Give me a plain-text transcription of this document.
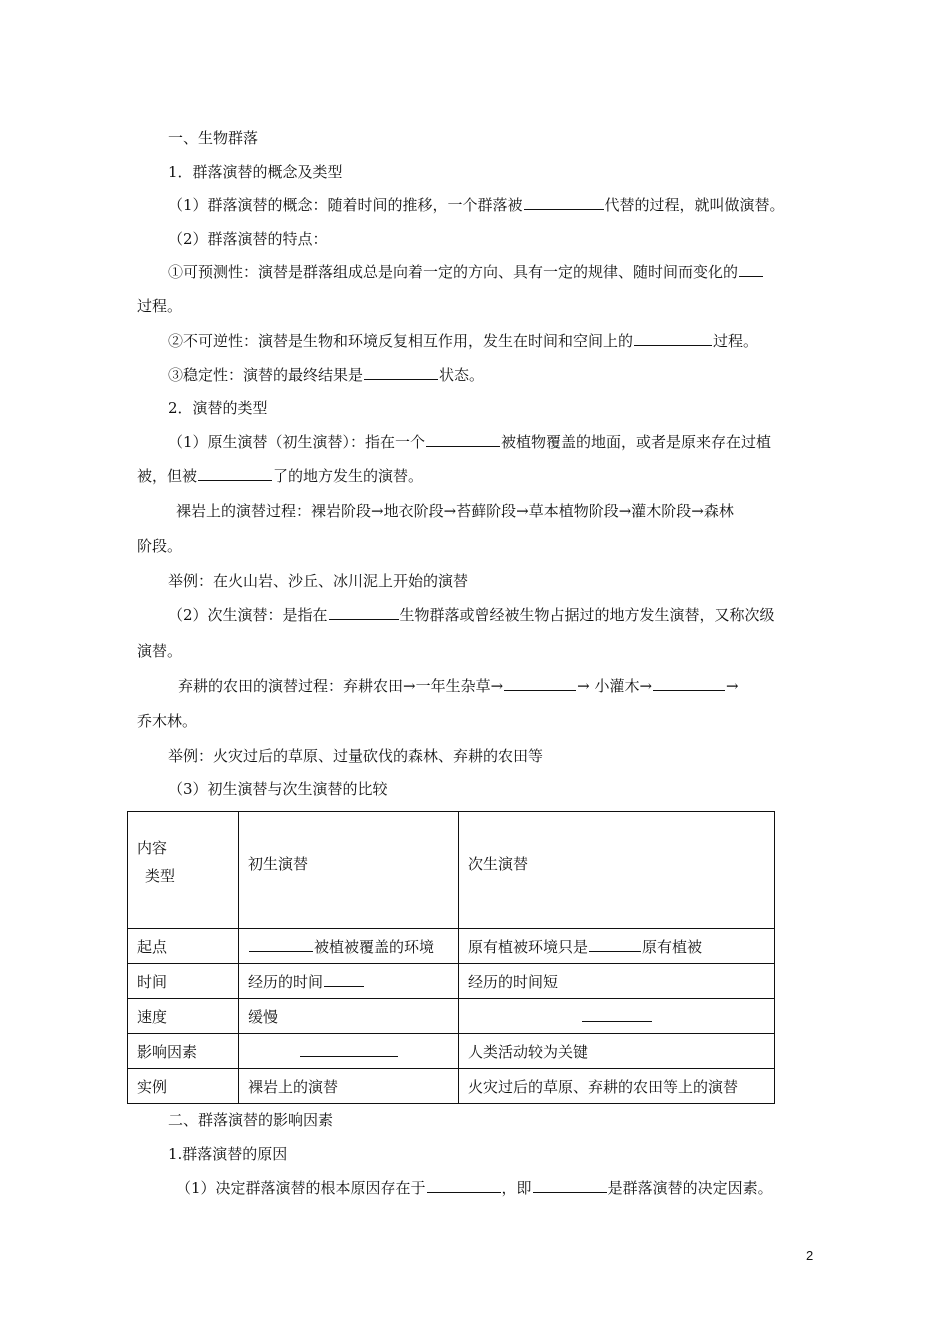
一、生物群落
1．群落演替的概念及类型
（1）群落演替的概念：随着时间的推移，一个群落被	代替的过程，就叫做演替。
（2）群落演替的特点：
①可预测性：演替是群落组成总是向着一定的方向、具有一定的规律、随时间而变化的
过程。
②不可逆性：演替是生物和环境反复相互作用，发生在时间和空间上的	过程。
③稳定性：演替的最终结果是	状态。
2．演替的类型
（1）原生演替（初生演替）：指在一个	被植物覆盖的地面，或者是原来存在过植
被，但被	了的地方发生的演替。
裸岩上的演替过程：裸岩阶段→地衣阶段→苔藓阶段→草本植物阶段→灌木阶段→森林
阶段。
举例：在火山岩、沙丘、冰川泥上开始的演替
（2）次生演替：是指在	生物群落或曾经被生物占据过的地方发生演替，又称次级
演替。
弃耕的农田的演替过程：弃耕农田→一年生杂草→	→ 小灌木→	→
乔木林。
举例：火灾过后的草原、过量砍伐的森林、弃耕的农田等
（3）初生演替与次生演替的比较
内容
类型	初生演替	次生演替
起点	被植被覆盖的环境	原有植被环境只是 原有植被
时间	经历的时间	经历的时间短
速度	缓慢	
影响因素		人类活动较为关键
实例	裸岩上的演替	火灾过后的草原、弃耕的农田等上的演替
二、群落演替的影响因素
1.群落演替的原因
（1）决定群落演替的根本原因存在于	，即	是群落演替的决定因素。
2
